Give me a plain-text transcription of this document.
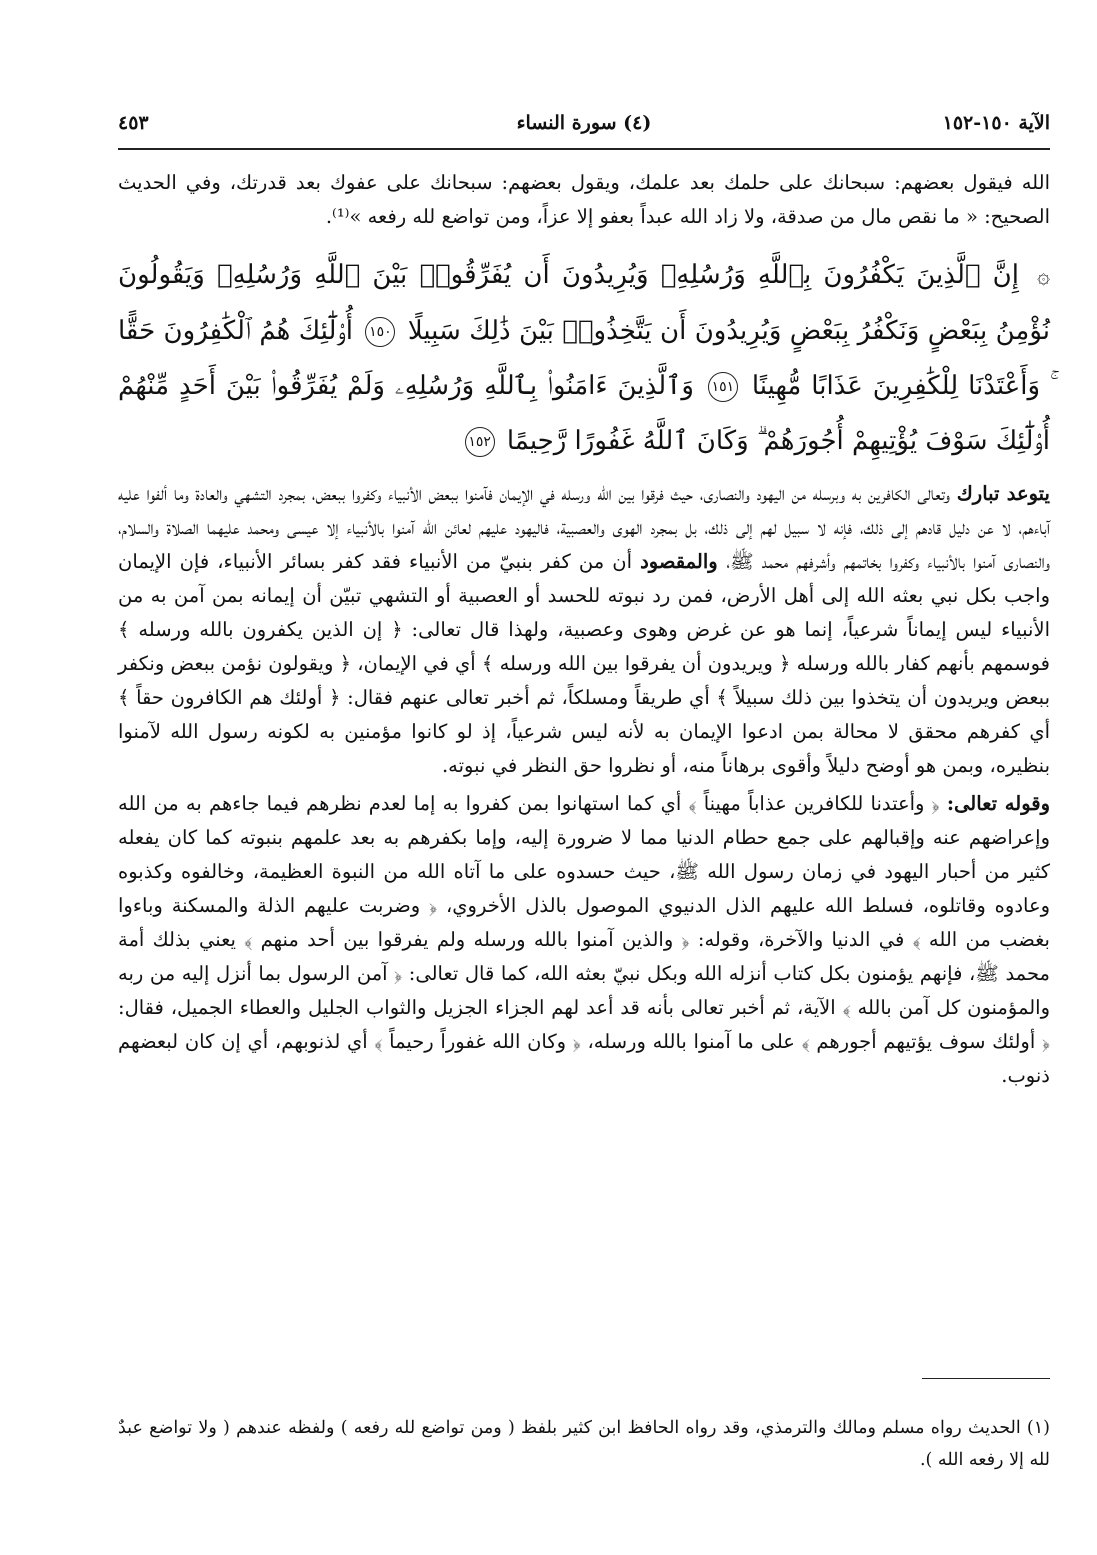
الآية ١٥٠-١٥٢
(٤) سورة النساء
٤٥٣

الله فيقول بعضهم: سبحانك على حلمك بعد علمك، ويقول بعضهم: سبحانك على عفوك بعد قدرتك، وفي الحديث الصحيح: « ما نقص مال من صدقة، ولا زاد الله عبداً بعفو إلا عزاً، ومن تواضع لله رفعه »⁽¹⁾.

۞ إِنَّ ٱلَّذِينَ يَكْفُرُونَ بِٱللَّهِ وَرُسُلِهِۦ وَيُرِيدُونَ أَن يُفَرِّقُوا۟ بَيْنَ ٱللَّهِ وَرُسُلِهِۦ وَيَقُولُونَ نُؤْمِنُ بِبَعْضٍ وَنَكْفُرُ بِبَعْضٍ وَيُرِيدُونَ أَن يَتَّخِذُوا۟ بَيْنَ ذَٰلِكَ سَبِيلًا ١٥٠ أُو۟لَٰٓئِكَ هُمُ ٱلْكَٰفِرُونَ حَقًّا ۚ وَأَعْتَدْنَا لِلْكَٰفِرِينَ عَذَابًا مُّهِينًا ١٥١ وَٱلَّذِينَ ءَامَنُوا۟ بِٱللَّهِ وَرُسُلِهِۦ وَلَمْ يُفَرِّقُوا۟ بَيْنَ أَحَدٍ مِّنْهُمْ أُو۟لَٰٓئِكَ سَوْفَ يُؤْتِيهِمْ أُجُورَهُمْ ۗ وَكَانَ ٱللَّهُ غَفُورًا رَّحِيمًا ١٥٢

يتوعد تبارك وتعالى الكافرين به وبرسله من اليهود والنصارى، حيث فرقوا بين الله ورسله في الإيمان فآمنوا ببعض الأنبياء وكفروا ببعض، بمجرد التشهي والعادة وما ألفوا عليه آباءهم، لا عن دليل قادهم إلى ذلك، فإنه لا سبيل لهم إلى ذلك، بل بمجرد الهوى والعصبية، فاليهود عليهم لعائن الله آمنوا بالأنبياء إلا عيسى ومحمد عليهما الصلاة والسلام، والنصارى آمنوا بالأنبياء وكفروا بخاتمهم وأشرفهم محمد ﷺ، والمقصود أن من كفر بنبيّ من الأنبياء فقد كفر بسائر الأنبياء، فإن الإيمان واجب بكل نبي بعثه الله إلى أهل الأرض، فمن رد نبوته للحسد أو العصبية أو التشهي تبيّن أن إيمانه بمن آمن به من الأنبياء ليس إيماناً شرعياً، إنما هو عن غرض وهوى وعصبية، ولهذا قال تعالى: ﴿ إن الذين يكفرون بالله ورسله ﴾ فوسمهم بأنهم كفار بالله ورسله ﴿ ويريدون أن يفرقوا بين الله ورسله ﴾ أي في الإيمان، ﴿ ويقولون نؤمن ببعض ونكفر ببعض ويريدون أن يتخذوا بين ذلك سبيلاً ﴾ أي طريقاً ومسلكاً، ثم أخبر تعالى عنهم فقال: ﴿ أولئك هم الكافرون حقاً ﴾ أي كفرهم محقق لا محالة بمن ادعوا الإيمان به لأنه ليس شرعياً، إذ لو كانوا مؤمنين به لكونه رسول الله لآمنوا بنظيره، وبمن هو أوضح دليلاً وأقوى برهاناً منه، أو نظروا حق النظر في نبوته.

وقوله تعالى: ﴿ وأعتدنا للكافرين عذاباً مهيناً ﴾ أي كما استهانوا بمن كفروا به إما لعدم نظرهم فيما جاءهم به من الله وإعراضهم عنه وإقبالهم على جمع حطام الدنيا مما لا ضرورة إليه، وإما بكفرهم به بعد علمهم بنبوته كما كان يفعله كثير من أحبار اليهود في زمان رسول الله ﷺ، حيث حسدوه على ما آتاه الله من النبوة العظيمة، وخالفوه وكذبوه وعادوه وقاتلوه، فسلط الله عليهم الذل الدنيوي الموصول بالذل الأخروي، ﴿ وضربت عليهم الذلة والمسكنة وباءوا بغضب من الله ﴾ في الدنيا والآخرة، وقوله: ﴿ والذين آمنوا بالله ورسله ولم يفرقوا بين أحد منهم ﴾ يعني بذلك أمة محمد ﷺ، فإنهم يؤمنون بكل كتاب أنزله الله وبكل نبيّ بعثه الله، كما قال تعالى: ﴿ آمن الرسول بما أنزل إليه من ربه والمؤمنون كل آمن بالله ﴾ الآية، ثم أخبر تعالى بأنه قد أعد لهم الجزاء الجزيل والثواب الجليل والعطاء الجميل، فقال: ﴿ أولئك سوف يؤتيهم أجورهم ﴾ على ما آمنوا بالله ورسله، ﴿ وكان الله غفوراً رحيماً ﴾ أي لذنوبهم، أي إن كان لبعضهم ذنوب.

(١) الحديث رواه مسلم ومالك والترمذي، وقد رواه الحافظ ابن كثير بلفظ ( ومن تواضع لله رفعه ) ولفظه عندهم ( ولا تواضع عبدٌ لله إلا رفعه الله ).
